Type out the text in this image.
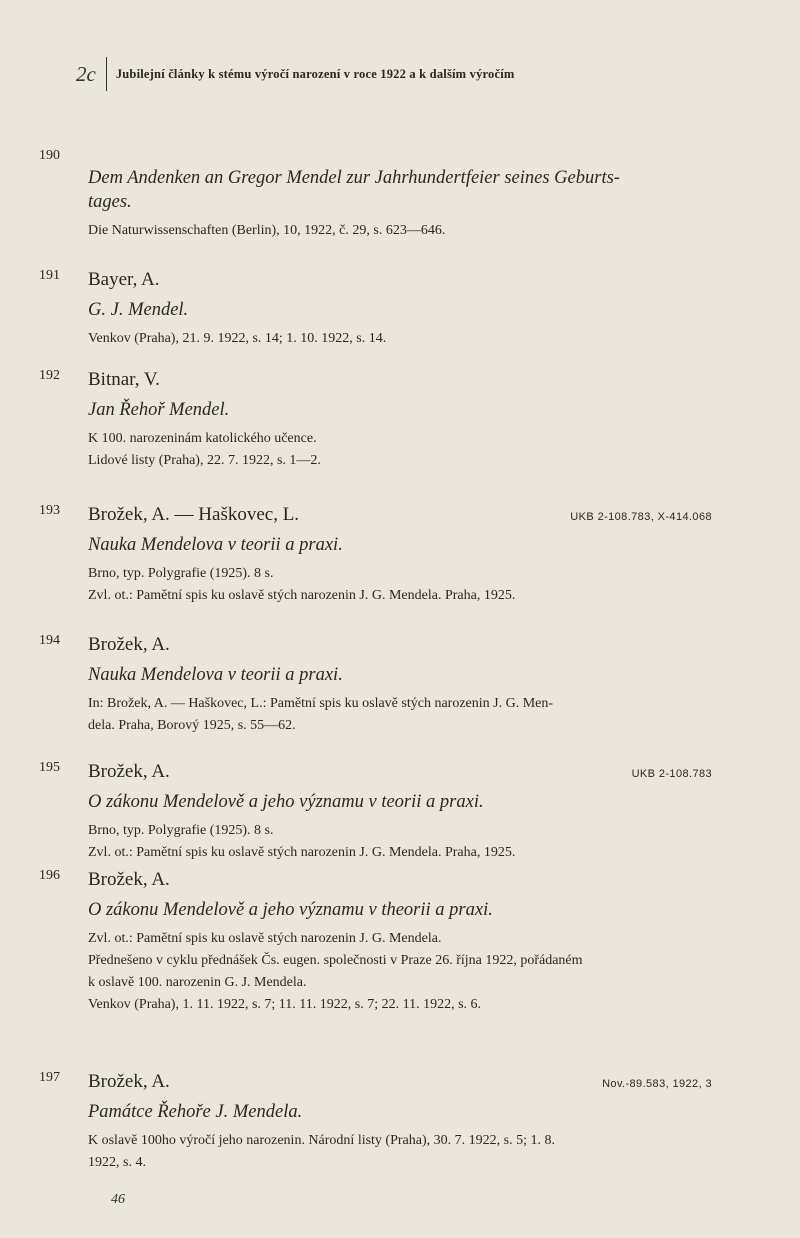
2c	Jubilejní články k stému výročí narození v roce 1922 a k dalším výročím
190
Dem Andenken an Gregor Mendel zur Jahrhundertfeier seines Geburts-
tages.
Die Naturwissenschaften (Berlin), 10, 1922, č. 29, s. 623—646.
191 Bayer, A.
G. J. Mendel.
Venkov (Praha), 21. 9. 1922, s. 14; 1. 10. 1922, s. 14.
192 Bitnar, V.
Jan Řehoř Mendel.
K 100. narozeninám katolického učence.
Lidové listy (Praha), 22. 7. 1922, s. 1—2.
193	UKB 2-108.783, X-414.068
Brožek, A. — Haškovec, L.
Nauka Mendelova v teorii a praxi.
Brno, typ. Polygrafie (1925). 8 s.
Zvl. ot.: Pamětní spis ku oslavě stých narozenin J. G. Mendela. Praha, 1925.
194 Brožek, A.
Nauka Mendelova v teorii a praxi.
In: Brožek, A. — Haškovec, L.: Pamětní spis ku oslavě stých narozenin J. G. Men-
dela. Praha, Borový 1925, s. 55—62.
195	UKB 2-108.783
Brožek, A.
O zákonu Mendelově a jeho významu v teorii a praxi.
Brno, typ. Polygrafie (1925). 8 s.
Zvl. ot.: Pamětní spis ku oslavě stých narozenin J. G. Mendela. Praha, 1925.
196 Brožek, A.
O zákonu Mendelově a jeho významu v theorii a praxi.
Zvl. ot.: Pamětní spis ku oslavě stých narozenin J. G. Mendela.
Přednešeno v cyklu přednášek Čs. eugen. společnosti v Praze 26. října 1922, pořádaném
k oslavě 100. narozenin G. J. Mendela.
Venkov (Praha), 1. 11. 1922, s. 7; 11. 11. 1922, s. 7; 22. 11. 1922, s. 6.
197	Nov.-89.583, 1922, 3
Brožek, A.
Památce Řehoře J. Mendela.
K oslavě 100ho výročí jeho narozenin. Národní listy (Praha), 30. 7. 1922, s. 5; 1. 8.
1922, s. 4.
46
